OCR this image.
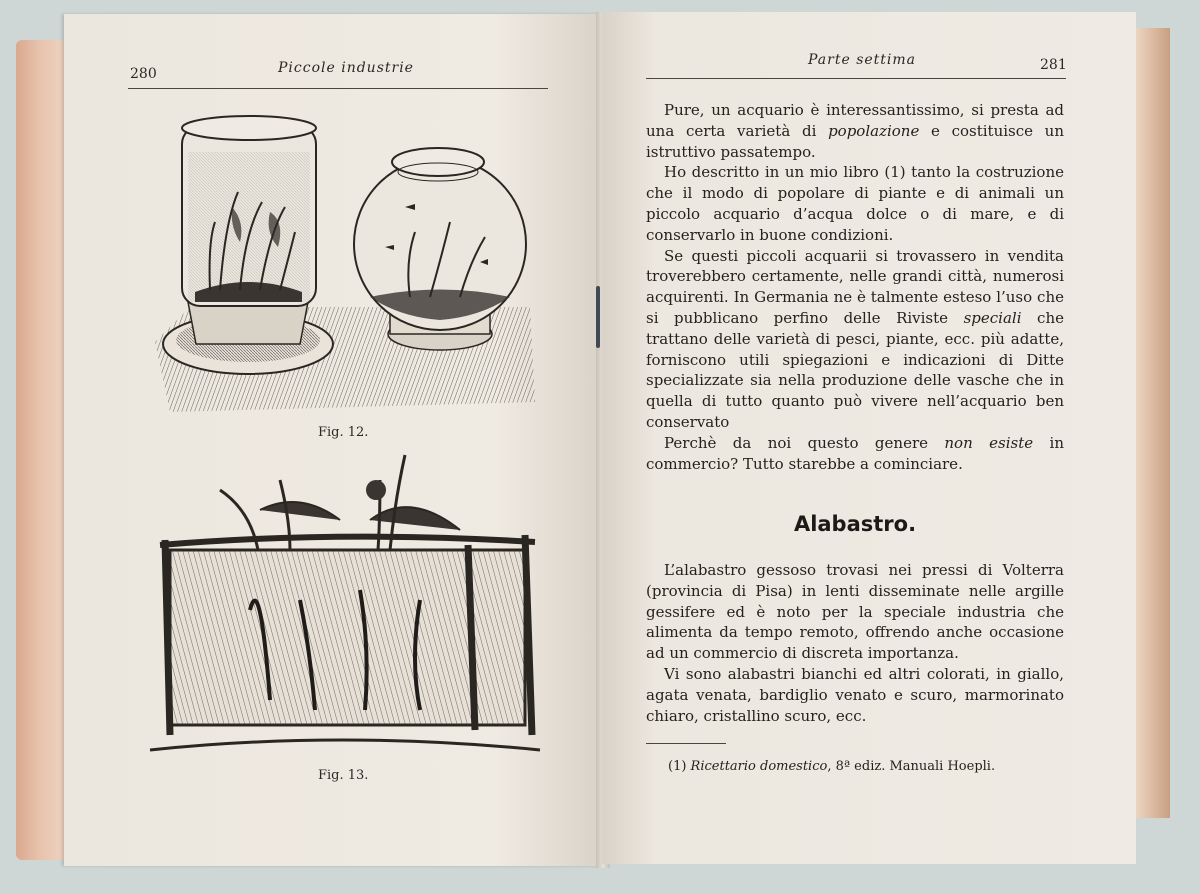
280	Piccole industrie
Fig. 12.
Fig. 13.
Parte settima	281

Pure, un acquario è interessantissimo, si presta ad una certa varietà di popolazione e costituisce un istruttivo passatempo.

Ho descritto in un mio libro (1) tanto la costruzione che il modo di popolare di piante e di animali un piccolo acquario d’acqua dolce o di mare, e di conservarlo in buone condizioni.

Se questi piccoli acquarii si trovassero in vendita troverebbero certamente, nelle grandi città, numerosi acquirenti. In Germania ne è talmente esteso l’uso che si pubblicano perfino delle Riviste speciali che trattano delle varietà di pesci, piante, ecc. più adatte, forniscono utili spiegazioni e indicazioni di Ditte specializzate sia nella produzione delle vasche che in quella di tutto quanto può vivere nell’acquario ben conservato

Perchè da noi questo genere non esiste in commercio? Tutto starebbe a cominciare.

Alabastro.

L’alabastro gessoso trovasi nei pressi di Volterra (provincia di Pisa) in lenti disseminate nelle argille gessifere ed è noto per la speciale industria che alimenta da tempo remoto, offrendo anche occasione ad un commercio di discreta importanza.

Vi sono alabastri bianchi ed altri colorati, in giallo, agata venata, bardiglio venato e scuro, marmorinato chiaro, cristallino scuro, ecc.

(1) Ricettario domestico, 8ª ediz. Manuali Hoepli.
